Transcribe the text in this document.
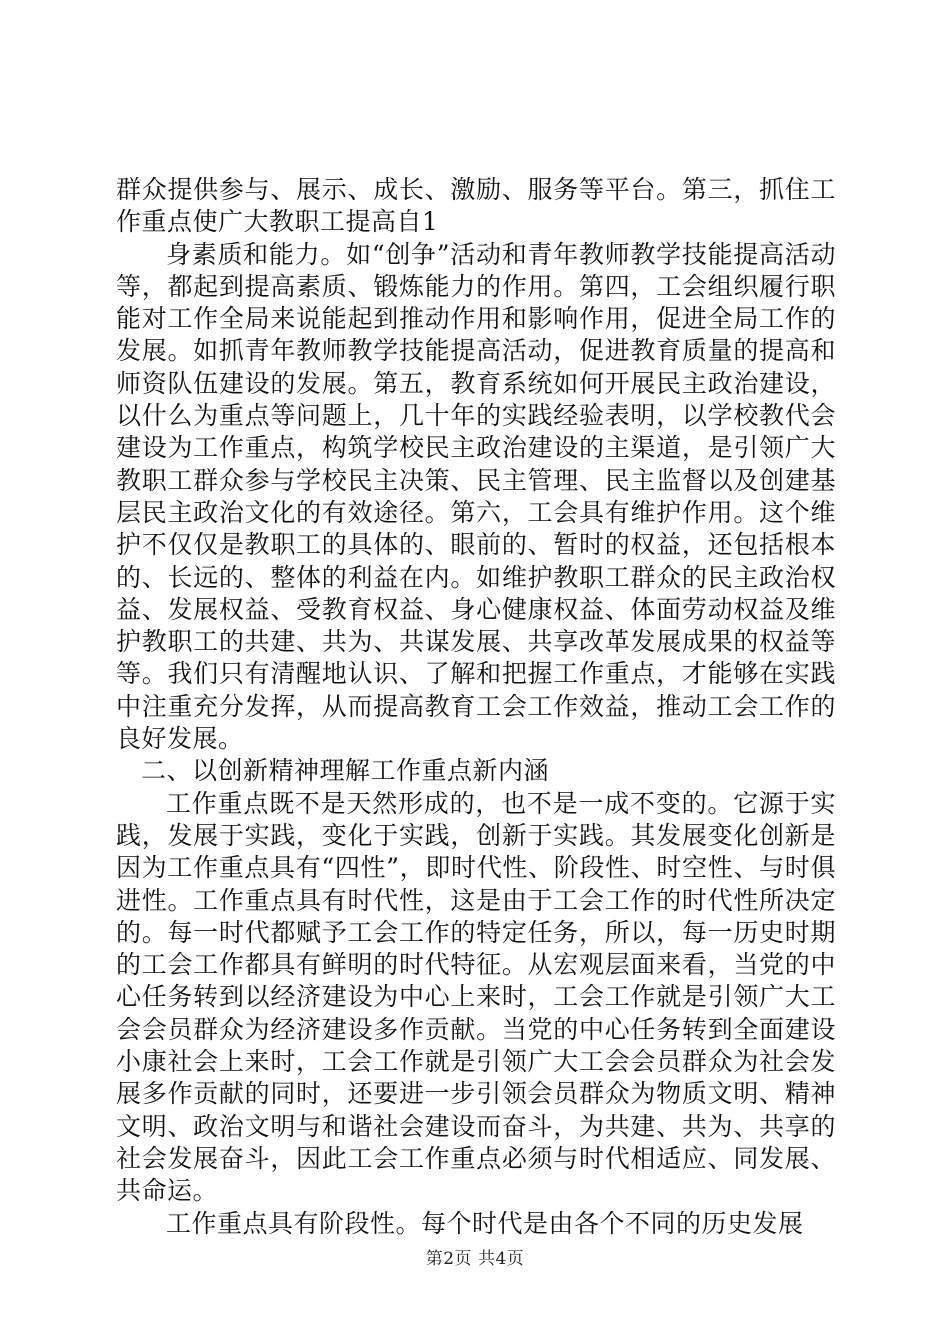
群众提供参与、展示、成长、激励、服务等平台。第三，抓住工作重点使广大教职工提高自1

身素质和能力。如“创争”活动和青年教师教学技能提高活动等，都起到提高素质、锻炼能力的作用。第四，工会组织履行职能对工作全局来说能起到推动作用和影响作用，促进全局工作的发展。如抓青年教师教学技能提高活动，促进教育质量的提高和师资队伍建设的发展。第五，教育系统如何开展民主政治建设，以什么为重点等问题上，几十年的实践经验表明，以学校教代会建设为工作重点，构筑学校民主政治建设的主渠道，是引领广大教职工群众参与学校民主决策、民主管理、民主监督以及创建基层民主政治文化的有效途径。第六，工会具有维护作用。这个维护不仅仅是教职工的具体的、眼前的、暂时的权益，还包括根本的、长远的、整体的利益在内。如维护教职工群众的民主政治权益、发展权益、受教育权益、身心健康权益、体面劳动权益及维护教职工的共建、共为、共谋发展、共享改革发展成果的权益等等。我们只有清醒地认识、了解和把握工作重点，才能够在实践中注重充分发挥，从而提高教育工会工作效益，推动工会工作的良好发展。

二、以创新精神理解工作重点新内涵

工作重点既不是天然形成的，也不是一成不变的。它源于实践，发展于实践，变化于实践，创新于实践。其发展变化创新是因为工作重点具有“四性”，即时代性、阶段性、时空性、与时俱进性。工作重点具有时代性，这是由于工会工作的时代性所决定的。每一时代都赋予工会工作的特定任务，所以，每一历史时期的工会工作都具有鲜明的时代特征。从宏观层面来看，当党的中心任务转到以经济建设为中心上来时，工会工作就是引领广大工会会员群众为经济建设多作贡献。当党的中心任务转到全面建设小康社会上来时，工会工作就是引领广大工会会员群众为社会发展多作贡献的同时，还要进一步引领会员群众为物质文明、精神文明、政治文明与和谐社会建设而奋斗，为共建、共为、共享的社会发展奋斗，因此工会工作重点必须与时代相适应、同发展、共命运。

工作重点具有阶段性。每个时代是由各个不同的历史发展

第2页 共4页
